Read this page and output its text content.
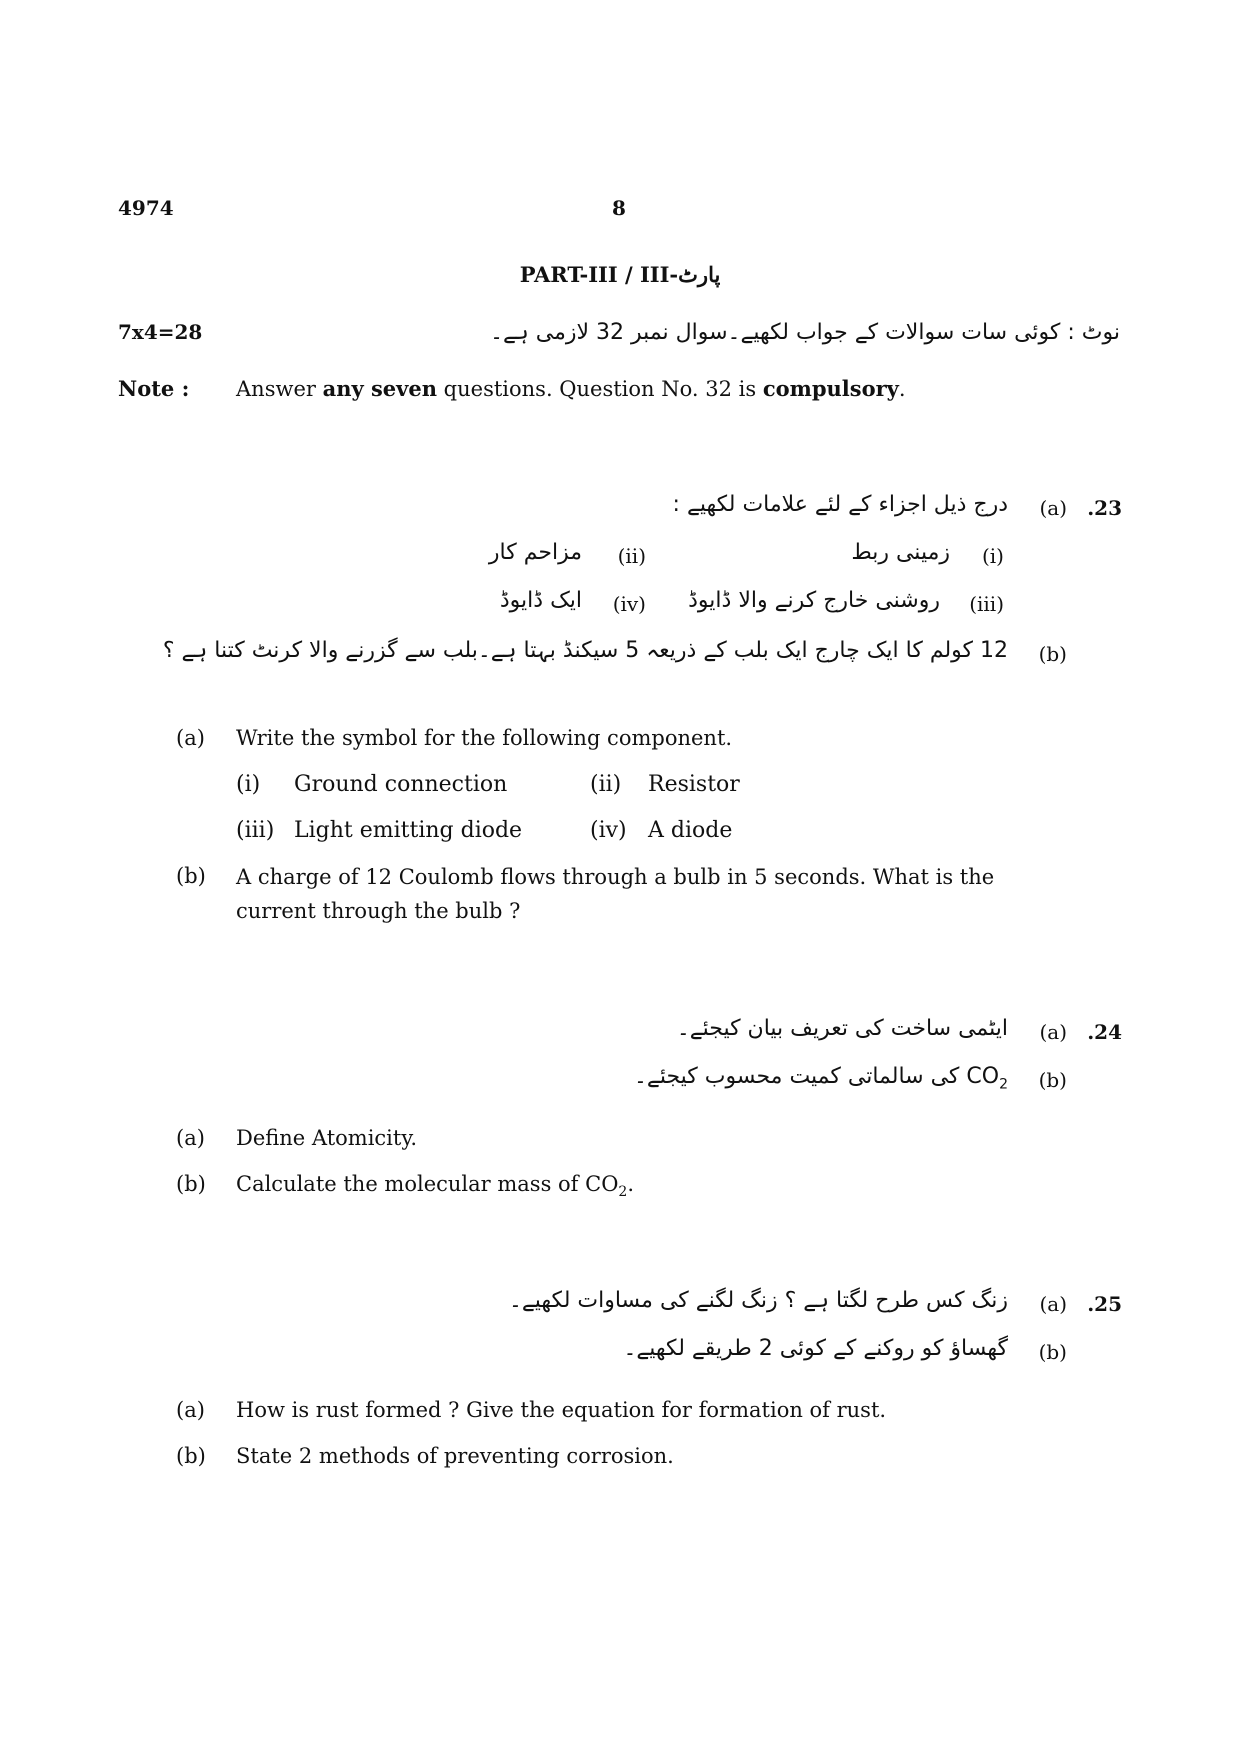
4974	8
PART-III / III-پارٹ
7x4=28	نوٹ : کوئی سات سوالات کے جواب لکھیے۔سوال نمبر 32 لازمی ہے۔
Note : Answer any seven questions. Question No. 32 is compulsory.
.23
(a)
درج ذیل اجزاء کے لئے علامات لکھیے :
(i)
زمینی ربط
(ii)
مزاحم کار
(iii)
روشنی خارج کرنے والا ڈایوڈ
(iv)
ایک ڈایوڈ
(b)
12 کولم کا ایک چارج ایک بلب کے ذریعہ 5 سیکنڈ بہتا ہے۔بلب سے گزرنے والا کرنٹ کتنا ہے ؟
(a) Write the symbol for the following component.
(i) Ground connection	(ii) Resistor
(iii) Light emitting diode	(iv) A diode
(b) A charge of 12 Coulomb flows through a bulb in 5 seconds. What is the current through the bulb ?
.24
(a)
ایٹمی ساخت کی تعریف بیان کیجئے۔
(b)
$CO_2$ کی سالماتی کمیت محسوب کیجئے۔
(a) Define Atomicity.
(b) Calculate the molecular mass of $CO_2$.
.25
(a)
زنگ کس طرح لگتا ہے ؟ زنگ لگنے کی مساوات لکھیے۔
(b)
گھساؤ کو روکنے کے کوئی 2 طریقے لکھیے۔
(a) How is rust formed ? Give the equation for formation of rust.
(b) State 2 methods of preventing corrosion.
